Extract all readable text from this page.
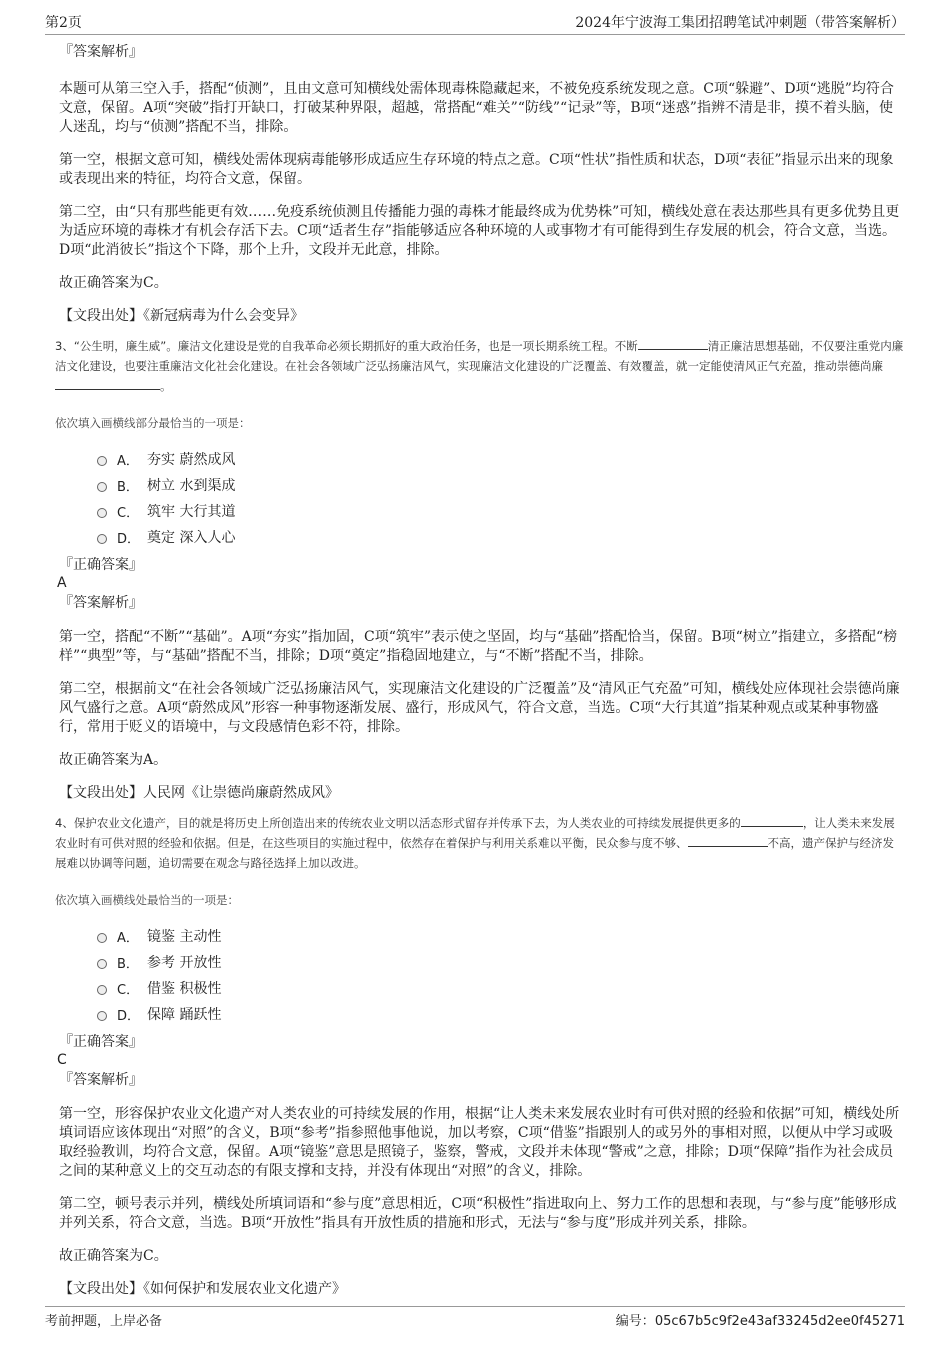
第2页	2024年宁波海工集团招聘笔试冲刺题（带答案解析）
『答案解析』

本题可从第三空入手，搭配“侦测”，且由文意可知横线处需体现毒株隐藏起来，不被免疫系统发现之意。C项“躲避”、D项“逃脱”均符合文意，保留。A项“突破”指打开缺口，打破某种界限，超越，常搭配“难关”“防线”“记录”等，B项“迷惑”指辨不清是非，摸不着头脑，使人迷乱，均与“侦测”搭配不当，排除。

第一空，根据文意可知，横线处需体现病毒能够形成适应生存环境的特点之意。C项“性状”指性质和状态，D项“表征”指显示出来的现象或表现出来的特征，均符合文意，保留。

第二空，由“只有那些能更有效……免疫系统侦测且传播能力强的毒株才能最终成为优势株”可知，横线处意在表达那些具有更多优势且更为适应环境的毒株才有机会存活下去。C项“适者生存”指能够适应各种环境的人或事物才有可能得到生存发展的机会，符合文意，当选。D项“此消彼长”指这个下降，那个上升，文段并无此意，排除。

故正确答案为C。

【文段出处】《新冠病毒为什么会变异》

3、“公生明，廉生威”。廉洁文化建设是党的自我革命必须长期抓好的重大政治任务，也是一项长期系统工程。不断	清正廉洁思想基础，不仅要注重党内廉洁文化建设，也要注重廉洁文化社会化建设。在社会各领域广泛弘扬廉洁风气，实现廉洁文化建设的广泛覆盖、有效覆盖，就一定能使清风正气充盈，推动崇德尚廉。
依次填入画横线部分最恰当的一项是：
A． 夯实 蔚然成风
B． 树立 水到渠成
C． 筑牢 大行其道
D． 奠定 深入人心
『正确答案』
A
『答案解析』

第一空，搭配“不断”“基础”。A项“夯实”指加固，C项“筑牢”表示使之坚固，均与“基础”搭配恰当，保留。B项“树立”指建立，多搭配“榜样”“典型”等，与“基础”搭配不当，排除；D项“奠定”指稳固地建立，与“不断”搭配不当，排除。

第二空，根据前文“在社会各领域广泛弘扬廉洁风气，实现廉洁文化建设的广泛覆盖”及“清风正气充盈”可知，横线处应体现社会崇德尚廉风气盛行之意。A项“蔚然成风”形容一种事物逐渐发展、盛行，形成风气，符合文意，当选。C项“大行其道”指某种观点或某种事物盛行，常用于贬义的语境中，与文段感情色彩不符，排除。

故正确答案为A。

【文段出处】人民网《让崇德尚廉蔚然成风》

4、保护农业文化遗产，目的就是将历史上所创造出来的传统农业文明以活态形式留存并传承下去，为人类农业的可持续发展提供更多的	，让人类未来发展农业时有可供对照的经验和依据。但是，在这些项目的实施过程中，依然存在着保护与利用关系难以平衡，民众参与度不够、	不高，遗产保护与经济发展难以协调等问题，追切需要在观念与路径选择上加以改进。
依次填入画横线处最恰当的一项是：
A． 镜鉴 主动性
B． 参考 开放性
C． 借鉴 积极性
D． 保障 踊跃性
『正确答案』
C
『答案解析』

第一空，形容保护农业文化遗产对人类农业的可持续发展的作用，根据“让人类未来发展农业时有可供对照的经验和依据”可知，横线处所填词语应该体现出“对照”的含义，B项“参考”指参照他事他说，加以考察，C项“借鉴”指跟别人的或另外的事相对照，以便从中学习或吸取经验教训，均符合文意，保留。A项“镜鉴”意思是照镜子，鉴察，警戒，文段并未体现“警戒”之意，排除；D项“保障”指作为社会成员之间的某种意义上的交互动态的有限支撑和支持，并没有体现出“对照”的含义，排除。

第二空，顿号表示并列，横线处所填词语和“参与度”意思相近，C项“积极性”指进取向上、努力工作的思想和表现，与“参与度”能够形成并列关系，符合文意，当选。B项“开放性”指具有开放性质的措施和形式，无法与“参与度”形成并列关系，排除。

故正确答案为C。

【文段出处】《如何保护和发展农业文化遗产》

考前押题，上岸必备	编号：05c67b5c9f2e43af33245d2ee0f45271
